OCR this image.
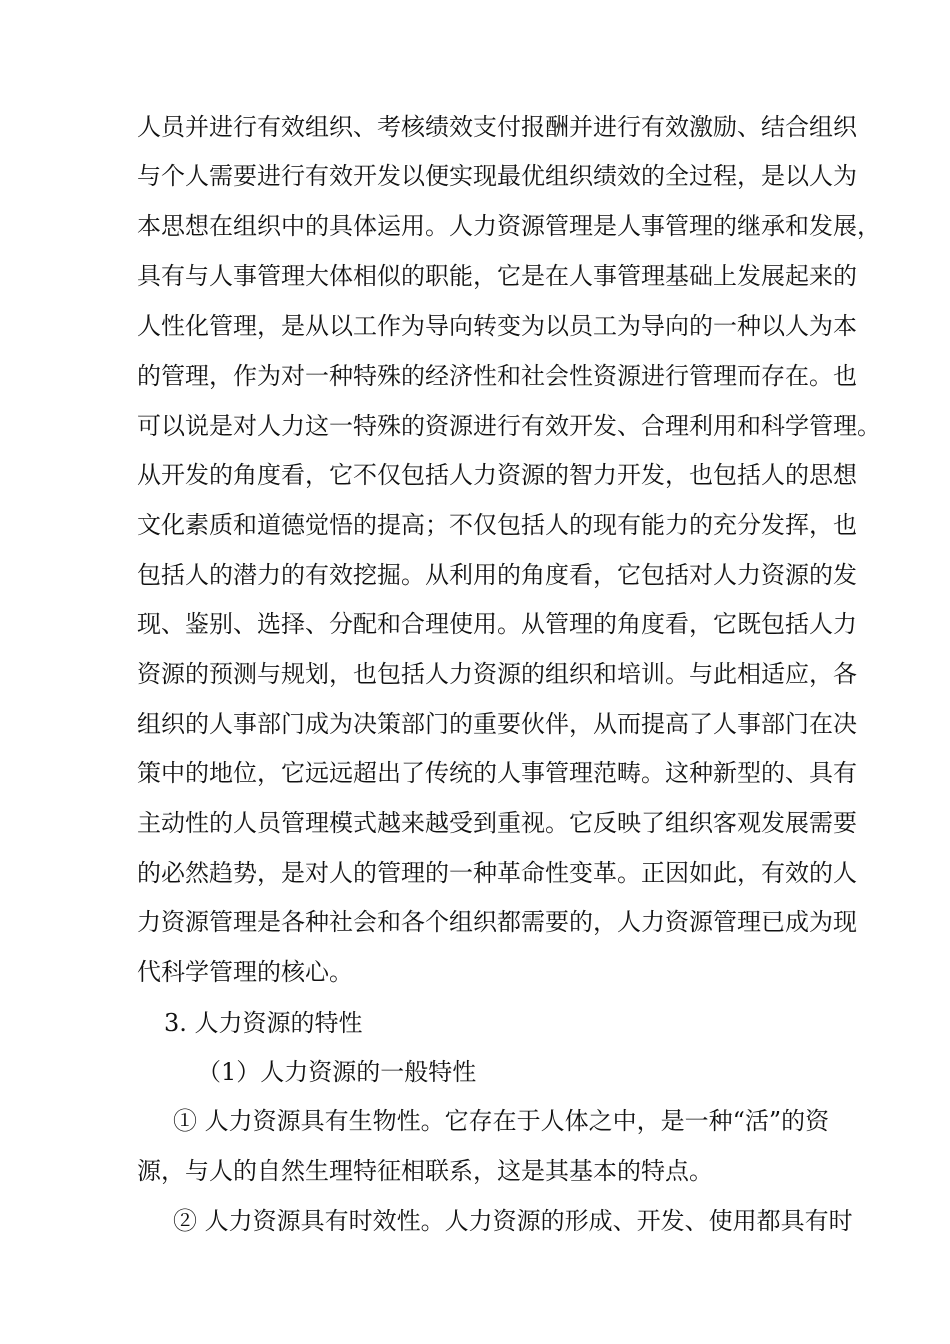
人员并进行有效组织、考核绩效支付报酬并进行有效激励、结合组织
与个人需要进行有效开发以便实现最优组织绩效的全过程，是以人为
本思想在组织中的具体运用。人力资源管理是人事管理的继承和发展，
具有与人事管理大体相似的职能，它是在人事管理基础上发展起来的
人性化管理，是从以工作为导向转变为以员工为导向的一种以人为本
的管理，作为对一种特殊的经济性和社会性资源进行管理而存在。也
可以说是对人力这一特殊的资源进行有效开发、合理利用和科学管理。
从开发的角度看，它不仅包括人力资源的智力开发，也包括人的思想
文化素质和道德觉悟的提高；不仅包括人的现有能力的充分发挥，也
包括人的潜力的有效挖掘。从利用的角度看，它包括对人力资源的发
现、鉴别、选择、分配和合理使用。从管理的角度看，它既包括人力
资源的预测与规划，也包括人力资源的组织和培训。与此相适应，各
组织的人事部门成为决策部门的重要伙伴，从而提高了人事部门在决
策中的地位，它远远超出了传统的人事管理范畴。这种新型的、具有
主动性的人员管理模式越来越受到重视。它反映了组织客观发展需要
的必然趋势，是对人的管理的一种革命性变革。正因如此，有效的人
力资源管理是各种社会和各个组织都需要的，人力资源管理已成为现
代科学管理的核心。
3. 人力资源的特性
（1）人力资源的一般特性
① 人力资源具有生物性。它存在于人体之中，是一种“活”的资
源，与人的自然生理特征相联系，这是其基本的特点。
② 人力资源具有时效性。人力资源的形成、开发、使用都具有时
